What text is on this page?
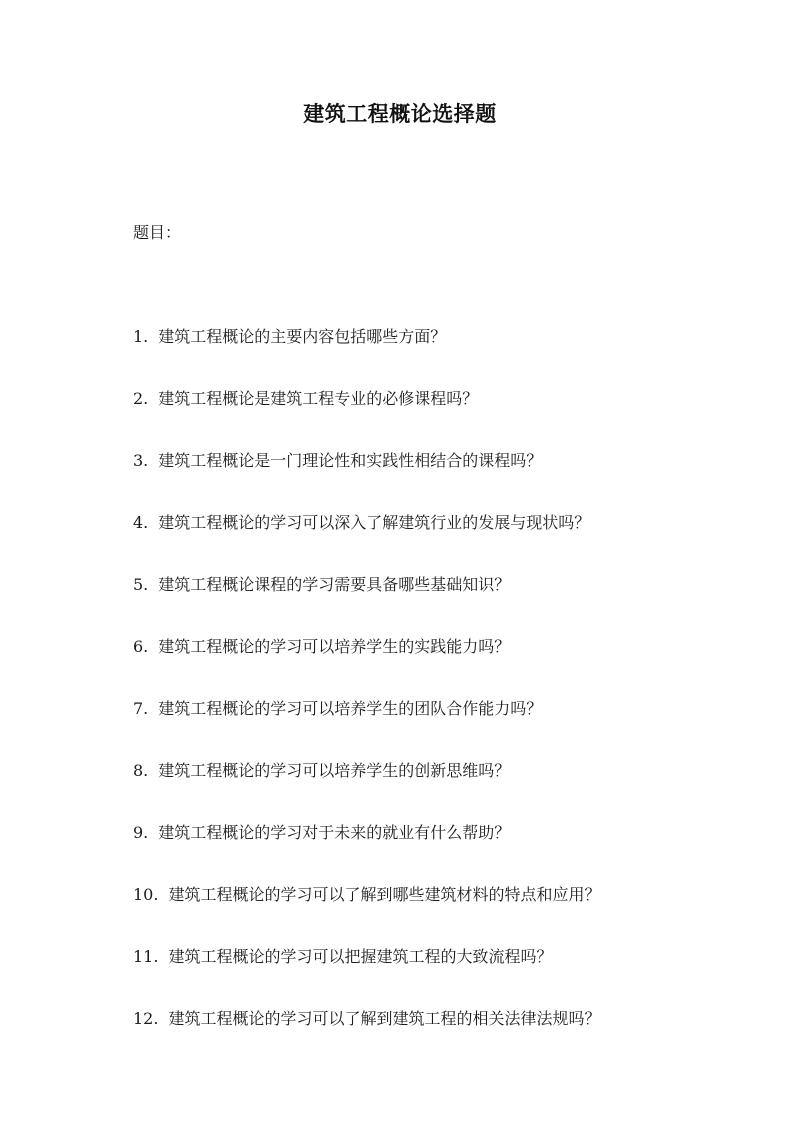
建筑工程概论选择题
题目：
1. 建筑工程概论的主要内容包括哪些方面？
2. 建筑工程概论是建筑工程专业的必修课程吗？
3. 建筑工程概论是一门理论性和实践性相结合的课程吗？
4. 建筑工程概论的学习可以深入了解建筑行业的发展与现状吗？
5. 建筑工程概论课程的学习需要具备哪些基础知识？
6. 建筑工程概论的学习可以培养学生的实践能力吗？
7. 建筑工程概论的学习可以培养学生的团队合作能力吗？
8. 建筑工程概论的学习可以培养学生的创新思维吗？
9. 建筑工程概论的学习对于未来的就业有什么帮助？
10. 建筑工程概论的学习可以了解到哪些建筑材料的特点和应用？
11. 建筑工程概论的学习可以把握建筑工程的大致流程吗？
12. 建筑工程概论的学习可以了解到建筑工程的相关法律法规吗？
